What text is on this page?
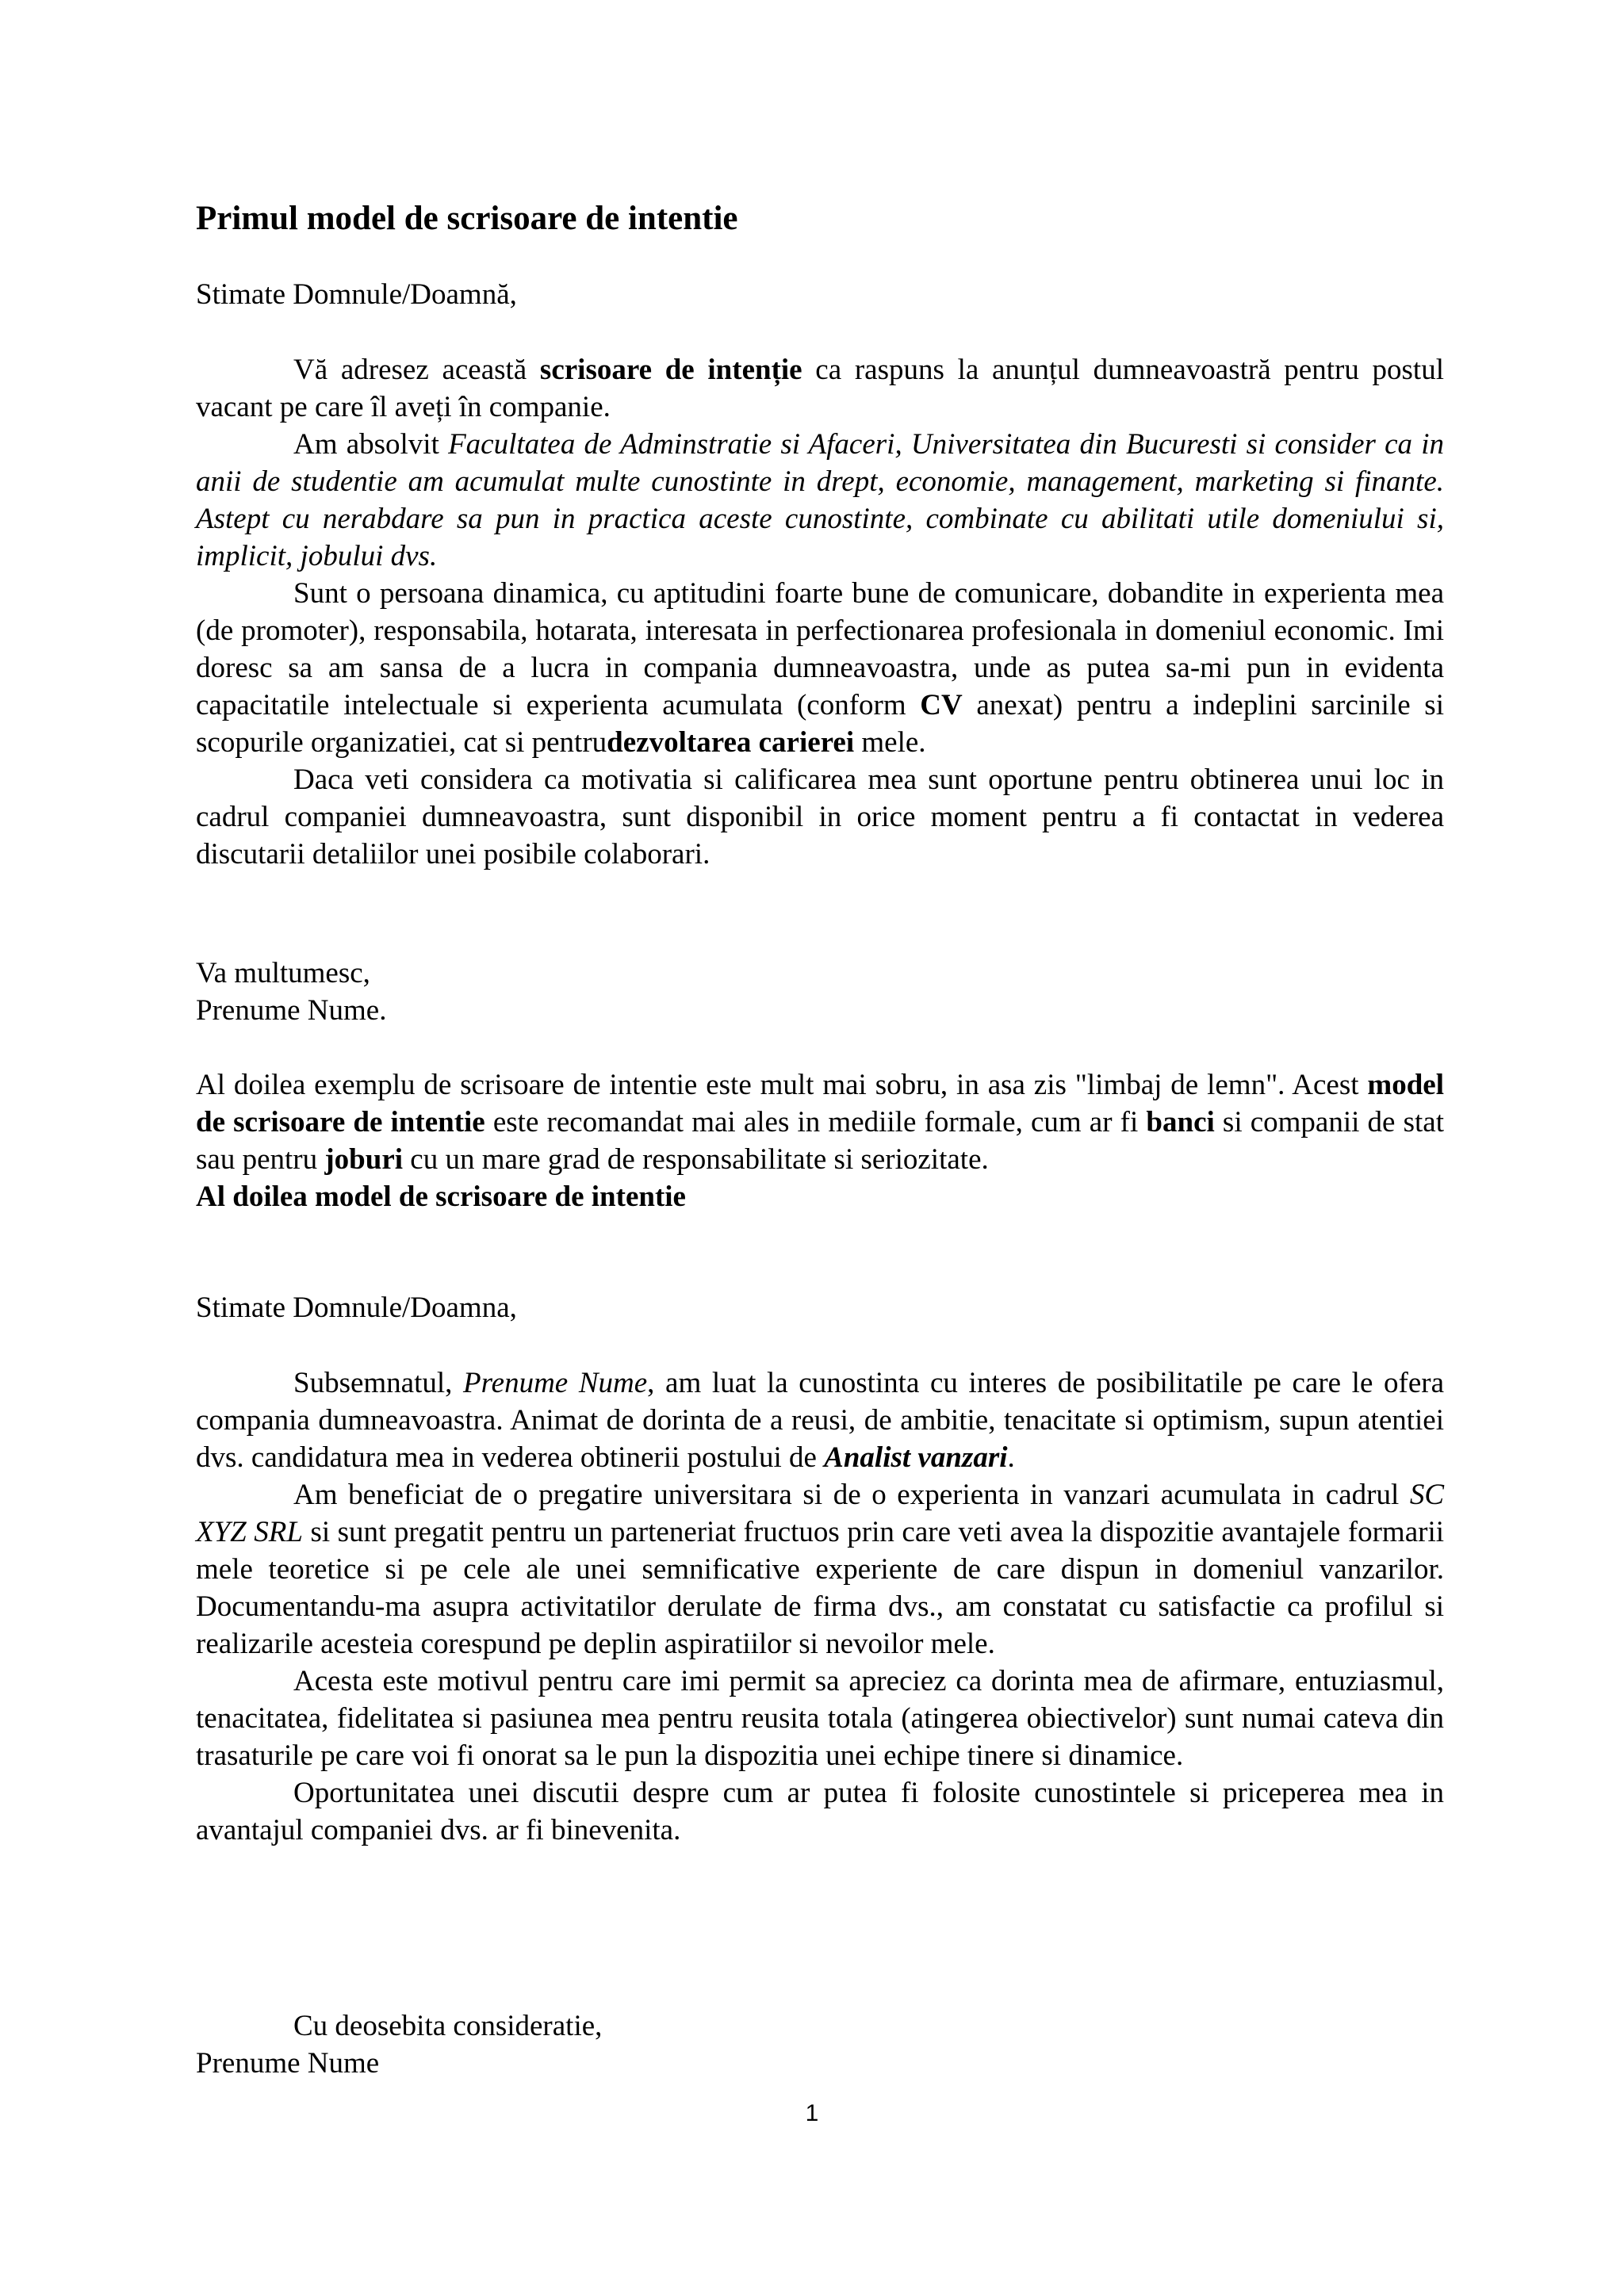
Primul model de scrisoare de intentie
Stimate Domnule/Doamnă,

Vă adresez această scrisoare de intenție ca raspuns la anunțul dumneavoastră pentru postul vacant pe care îl aveți în companie.

Am absolvit Facultatea de Adminstratie si Afaceri, Universitatea din Bucuresti si consider ca in anii de studentie am acumulat multe cunostinte in drept, economie, management, marketing si finante. Astept cu nerabdare sa pun in practica aceste cunostinte, combinate cu abilitati utile domeniului si, implicit, jobului dvs.

Sunt o persoana dinamica, cu aptitudini foarte bune de comunicare, dobandite in experienta mea (de promoter), responsabila, hotarata, interesata in perfectionarea profesionala in domeniul economic. Imi doresc sa am sansa de a lucra in compania dumneavoastra, unde as putea sa-mi pun in evidenta capacitatile intelectuale si experienta acumulata (conform CV anexat) pentru a indeplini sarcinile si scopurile organizatiei, cat si pentrudezvoltarea carierei mele.

Daca veti considera ca motivatia si calificarea mea sunt oportune pentru obtinerea unui loc in cadrul companiei dumneavoastra, sunt disponibil in orice moment pentru a fi contactat in vederea discutarii detaliilor unei posibile colaborari.

Va multumesc,

Prenume Nume.

Al doilea exemplu de scrisoare de intentie este mult mai sobru, in asa zis "limbaj de lemn". Acest model de scrisoare de intentie este recomandat mai ales in mediile formale, cum ar fi banci si companii de stat sau pentru joburi cu un mare grad de responsabilitate si seriozitate.

Al doilea model de scrisoare de intentie

Stimate Domnule/Doamna,

Subsemnatul, Prenume Nume, am luat la cunostinta cu interes de posibilitatile pe care le ofera compania dumneavoastra. Animat de dorinta de a reusi, de ambitie, tenacitate si optimism, supun atentiei dvs. candidatura mea in vederea obtinerii postului de Analist vanzari.

Am beneficiat de o pregatire universitara si de o experienta in vanzari acumulata in cadrul SC XYZ SRL si sunt pregatit pentru un parteneriat fructuos prin care veti avea la dispozitie avantajele formarii mele teoretice si pe cele ale unei semnificative experiente de care dispun in domeniul vanzarilor. Documentandu-ma asupra activitatilor derulate de firma dvs., am constatat cu satisfactie ca profilul si realizarile acesteia corespund pe deplin aspiratiilor si nevoilor mele.

Acesta este motivul pentru care imi permit sa apreciez ca dorinta mea de afirmare, entuziasmul, tenacitatea, fidelitatea si pasiunea mea pentru reusita totala (atingerea obiectivelor) sunt numai cateva din trasaturile pe care voi fi onorat sa le pun la dispozitia unei echipe tinere si dinamice.

Oportunitatea unei discutii despre cum ar putea fi folosite cunostintele si priceperea mea in avantajul companiei dvs. ar fi binevenita.

Cu deosebita consideratie,

Prenume Nume

1
